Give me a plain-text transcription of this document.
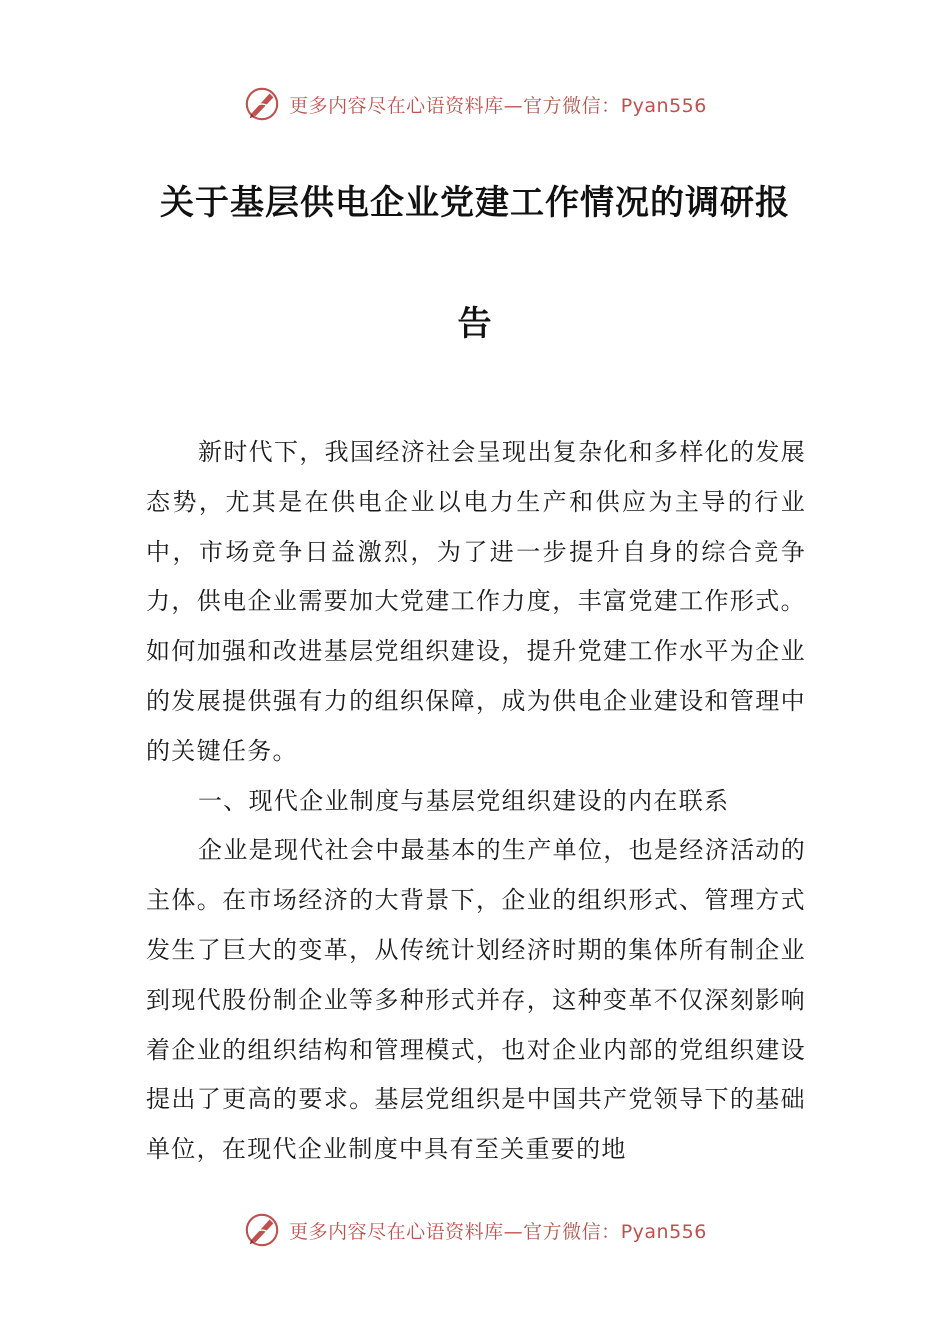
更多内容尽在心语资料库—官方微信：Pyan556
关于基层供电企业党建工作情况的调研报
告

新时代下，我国经济社会呈现出复杂化和多样化的发展态势，尤其是在供电企业以电力生产和供应为主导的行业中，市场竞争日益激烈，为了进一步提升自身的综合竞争力，供电企业需要加大党建工作力度，丰富党建工作形式。如何加强和改进基层党组织建设，提升党建工作水平为企业的发展提供强有力的组织保障，成为供电企业建设和管理中的关键任务。

一、现代企业制度与基层党组织建设的内在联系

企业是现代社会中最基本的生产单位，也是经济活动的主体。在市场经济的大背景下，企业的组织形式、管理方式发生了巨大的变革，从传统计划经济时期的集体所有制企业到现代股份制企业等多种形式并存，这种变革不仅深刻影响着企业的组织结构和管理模式，也对企业内部的党组织建设提出了更高的要求。基层党组织是中国共产党领导下的基础单位，在现代企业制度中具有至关重要的地

更多内容尽在心语资料库—官方微信：Pyan556
